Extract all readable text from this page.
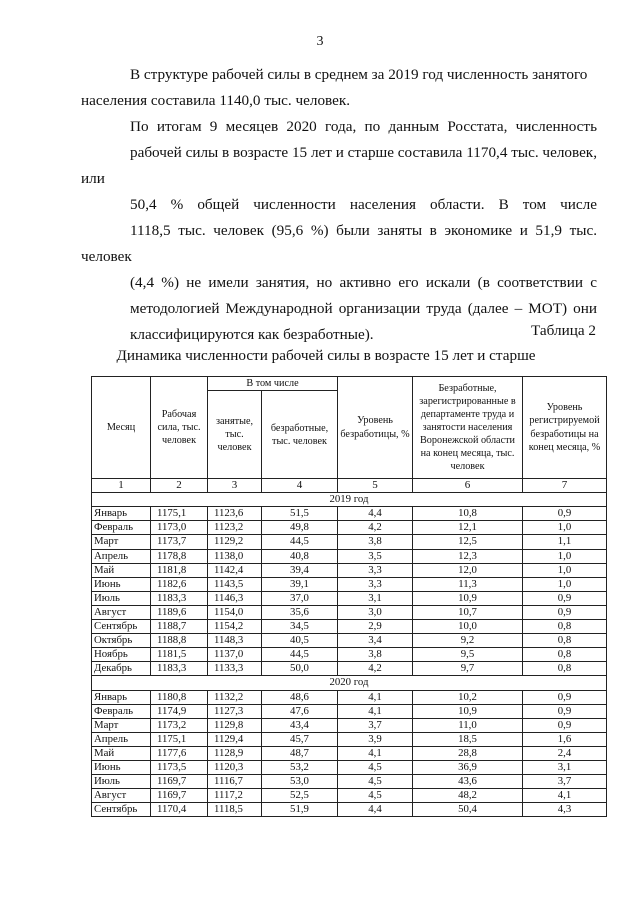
3
В структуре рабочей силы в среднем за 2019 год численность занятого населения составила 1140,0 тыс. человек.
По итогам 9 месяцев 2020 года, по данным Росстата, численность
рабочей силы в возрасте 15 лет и старше составила 1170,4 тыс. человек, или
50,4 % общей численности населения области. В том числе
1118,5 тыс. человек (95,6 %) были заняты в экономике и 51,9 тыс. человек
(4,4 %) не имели занятия, но активно его искали (в соответствии с
методологией Международной организации труда (далее – МОТ) они
классифицируются как безработные).	Таблица 2
Динамика численности рабочей силы в возрасте 15 лет и старше
Месяц	Рабочая сила, тыс. человек	В том числе		Уровень безработицы, %	Безработные, зарегистрированные в департаменте труда и занятости населения Воронежской области на конец месяца, тыс. человек	Уровень регистрируемой безработицы на конец месяца, %
		занятые, тыс. человек	безработные, тыс. человек			
1	2	3	4	5	6	7
2019 год						
Январь	1175,1	1123,6	51,5	4,4	10,8	0,9
Февраль	1173,0	1123,2	49,8	4,2	12,1	1,0
Март	1173,7	1129,2	44,5	3,8	12,5	1,1
Апрель	1178,8	1138,0	40,8	3,5	12,3	1,0
Май	1181,8	1142,4	39,4	3,3	12,0	1,0
Июнь	1182,6	1143,5	39,1	3,3	11,3	1,0
Июль	1183,3	1146,3	37,0	3,1	10,9	0,9
Август	1189,6	1154,0	35,6	3,0	10,7	0,9
Сентябрь	1188,7	1154,2	34,5	2,9	10,0	0,8
Октябрь	1188,8	1148,3	40,5	3,4	9,2	0,8
Ноябрь	1181,5	1137,0	44,5	3,8	9,5	0,8
Декабрь	1183,3	1133,3	50,0	4,2	9,7	0,8
2020 год						
Январь	1180,8	1132,2	48,6	4,1	10,2	0,9
Февраль	1174,9	1127,3	47,6	4,1	10,9	0,9
Март	1173,2	1129,8	43,4	3,7	11,0	0,9
Апрель	1175,1	1129,4	45,7	3,9	18,5	1,6
Май	1177,6	1128,9	48,7	4,1	28,8	2,4
Июнь	1173,5	1120,3	53,2	4,5	36,9	3,1
Июль	1169,7	1116,7	53,0	4,5	43,6	3,7
Август	1169,7	1117,2	52,5	4,5	48,2	4,1
Сентябрь	1170,4	1118,5	51,9	4,4	50,4	4,3
